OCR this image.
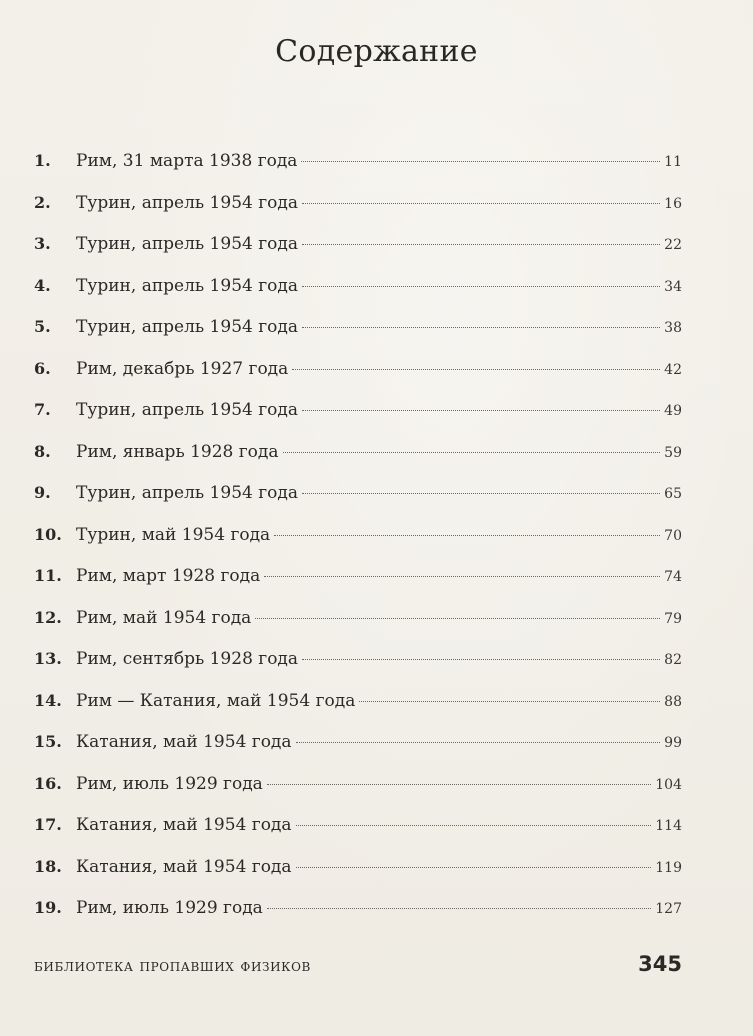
Содержание
1.	Рим, 31 марта 1938 года	11
2.	Турин, апрель 1954 года	16
3.	Турин, апрель 1954 года	22
4.	Турин, апрель 1954 года	34
5.	Турин, апрель 1954 года	38
6.	Рим, декабрь 1927 года	42
7.	Турин, апрель 1954 года	49
8.	Рим, январь 1928 года	59
9.	Турин, апрель 1954 года	65
10. Турин, май 1954 года	70
11. Рим, март 1928 года	74
12. Рим, май 1954 года	79
13. Рим, сентябрь 1928 года	82
14. Рим — Катания, май 1954 года	88
15. Катания, май 1954 года	99
16. Рим, июль 1929 года	104
17. Катания, май 1954 года	114
18. Катания, май 1954 года	119
19. Рим, июль 1929 года	127
библиотека пропавших физиков	345
